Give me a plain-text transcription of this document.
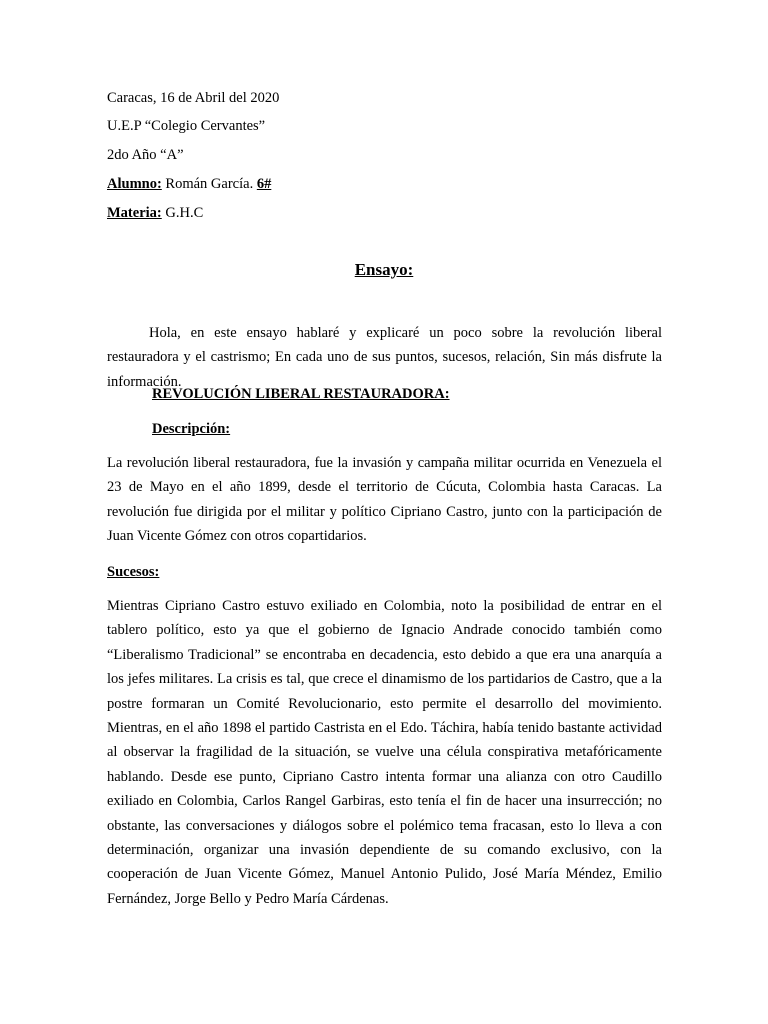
Caracas, 16 de Abril del 2020
U.E.P “Colegio Cervantes”
2do Año “A”
Alumno: Román García. 6#
Materia: G.H.C
Ensayo:
Hola, en este ensayo hablaré y explicaré un poco sobre la revolución liberal restauradora y el castrismo; En cada uno de sus puntos, sucesos, relación, Sin más disfrute la información.
REVOLUCIÓN LIBERAL RESTAURADORA:
Descripción:
La revolución liberal restauradora, fue la invasión y campaña militar ocurrida en Venezuela el 23 de Mayo en el año 1899, desde el territorio de Cúcuta, Colombia hasta Caracas. La revolución fue dirigida por el militar y político Cipriano Castro, junto con la participación de Juan Vicente Gómez con otros copartidarios.
Sucesos:
Mientras Cipriano Castro estuvo exiliado en Colombia, noto la posibilidad de entrar en el tablero político, esto ya que el gobierno de Ignacio Andrade conocido también como “Liberalismo Tradicional” se encontraba en decadencia, esto debido a que era una anarquía a los jefes militares. La crisis es tal, que crece el dinamismo de los partidarios de Castro, que a la postre formaran un Comité Revolucionario, esto permite el desarrollo del movimiento. Mientras, en el año 1898 el partido Castrista en el Edo. Táchira, había tenido bastante actividad al observar la fragilidad de la situación, se vuelve una célula conspirativa metafóricamente hablando. Desde ese punto, Cipriano Castro intenta formar una alianza con otro Caudillo exiliado en Colombia, Carlos Rangel Garbiras, esto tenía el fin de hacer una insurrección; no obstante, las conversaciones y diálogos sobre el polémico tema fracasan, esto lo lleva a con determinación, organizar una invasión dependiente de su comando exclusivo, con la cooperación de Juan Vicente Gómez, Manuel Antonio Pulido, José María Méndez, Emilio Fernández, Jorge Bello y Pedro María Cárdenas.
